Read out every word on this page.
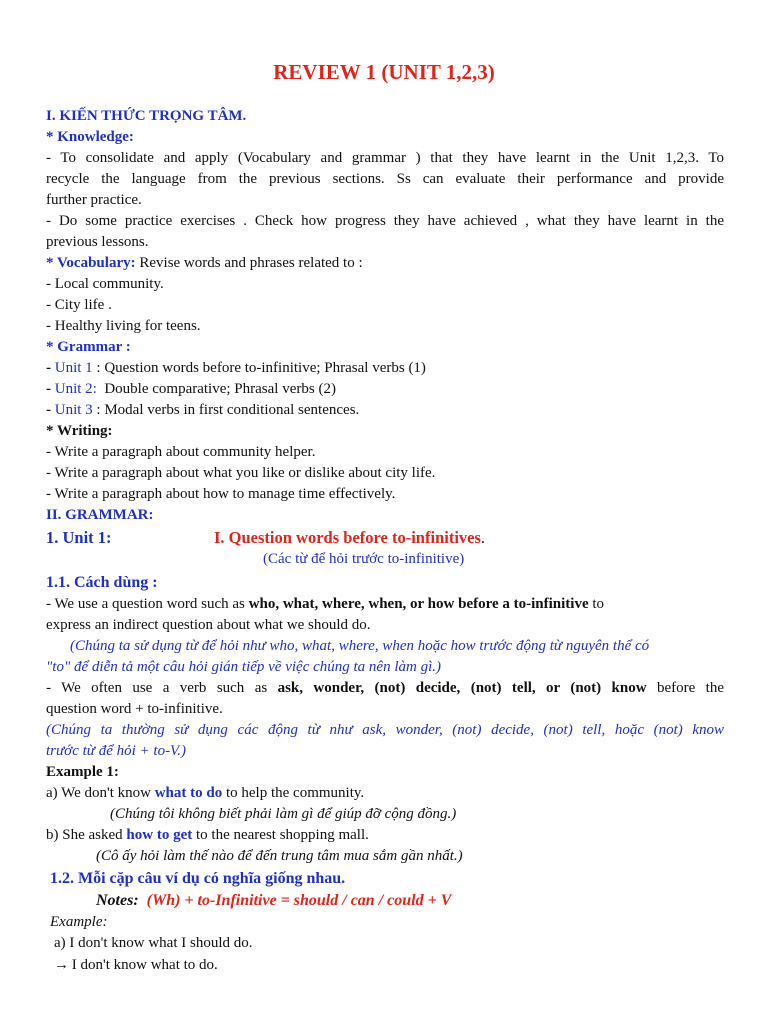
REVIEW 1 (UNIT 1,2,3)
I. KIẾN THỨC TRỌNG TÂM.
* Knowledge:
- To consolidate and apply (Vocabulary and grammar ) that they have learnt in the Unit 1,2,3. To
recycle the language from the previous sections. Ss can evaluate their performance and provide
further practice.
- Do some practice exercises . Check how progress they have achieved , what they have learnt in the
previous lessons.
* Vocabulary: Revise words and phrases related to :
- Local community.
- City life .
- Healthy living for teens.
* Grammar :
- Unit 1 : Question words before to-infinitive; Phrasal verbs (1)
- Unit 2:  Double comparative; Phrasal verbs (2)
- Unit 3 : Modal verbs in first conditional sentences.
* Writing:
- Write a paragraph about community helper.
- Write a paragraph about what you like or dislike about city life.
- Write a paragraph about how to manage time effectively.
II. GRAMMAR:
1. Unit 1:	I. Question words before to-infinitives.
(Các từ để hỏi trước to-infinitive)
1.1. Cách dùng :
- We use a question word such as who, what, where, when, or how before a to-infinitive to
express an indirect question about what we should do.
(Chúng ta sử dụng từ để hỏi như who, what, where, when hoặc how trước động từ nguyên thể có
"to" để diễn tả một câu hỏi gián tiếp về việc chúng ta nên làm gì.)
- We often use a verb such as ask, wonder, (not) decide, (not) tell, or (not) know before the
question word + to-infinitive.
(Chúng ta thường sử dụng các động từ như ask, wonder, (not) decide, (not) tell, hoặc (not) know
trước từ để hỏi + to-V.)
Example 1:
a) We don't know what to do to help the community.
(Chúng tôi không biết phải làm gì để giúp đỡ cộng đồng.)
b) She asked how to get to the nearest shopping mall.
(Cô ấy hỏi làm thế nào để đến trung tâm mua sắm gần nhất.)
1.2. Mỗi cặp câu ví dụ có nghĩa giống nhau.
Notes: (Wh) + to-Infinitive = should / can / could + V
Example:
a) I don't know what I should do.
→ I don't know what to do.
